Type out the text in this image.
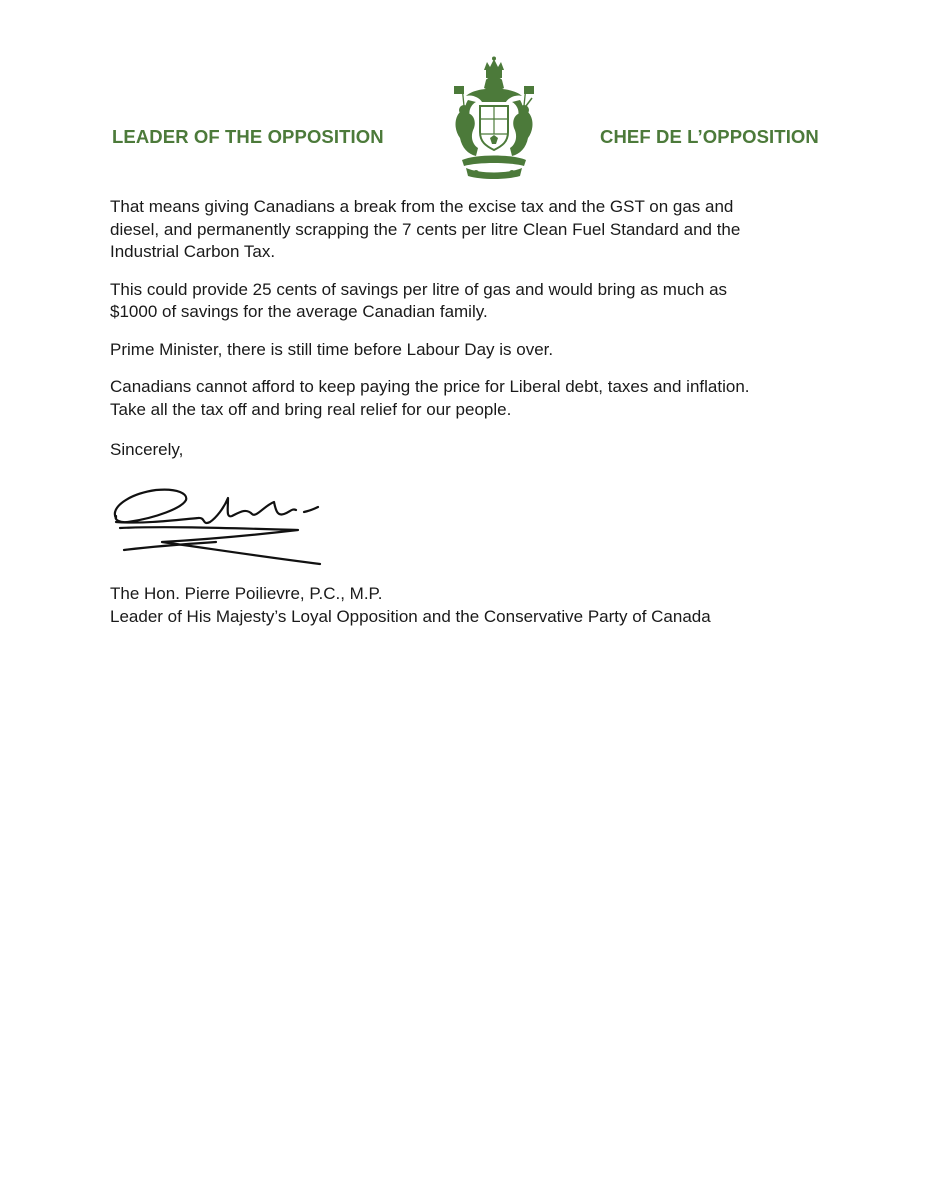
LEADER OF THE OPPOSITION	CHEF DE L’OPPOSITION

That means giving Canadians a break from the excise tax and the GST on gas and
diesel, and permanently scrapping the 7 cents per litre Clean Fuel Standard and the
Industrial Carbon Tax.

This could provide 25 cents of savings per litre of gas and would bring as much as
$1000 of savings for the average Canadian family.

Prime Minister, there is still time before Labour Day is over.

Canadians cannot afford to keep paying the price for Liberal debt, taxes and inflation.
Take all the tax off and bring real relief for our people.

Sincerely,
The Hon. Pierre Poilievre, P.C., M.P.
Leader of His Majesty’s Loyal Opposition and the Conservative Party of Canada
